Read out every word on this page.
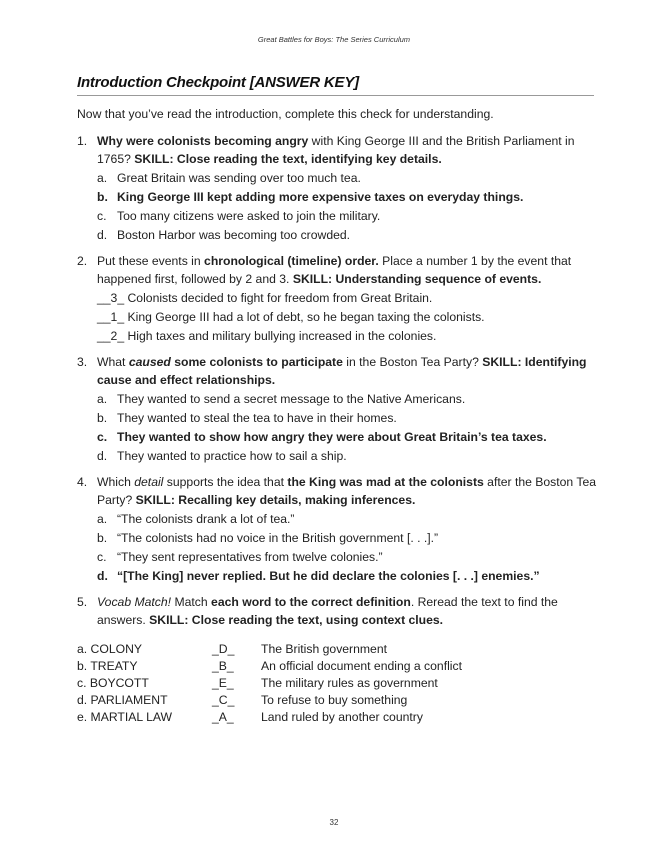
Great Battles for Boys: The Series Curriculum
Introduction Checkpoint [ANSWER KEY]
Now that you’ve read the introduction, complete this check for understanding.
1. Why were colonists becoming angry with King George III and the British Parliament in 1765? SKILL: Close reading the text, identifying key details.
a. Great Britain was sending over too much tea.
b. King George III kept adding more expensive taxes on everyday things.
c. Too many citizens were asked to join the military.
d. Boston Harbor was becoming too crowded.
2. Put these events in chronological (timeline) order. Place a number 1 by the event that happened first, followed by 2 and 3. SKILL: Understanding sequence of events.
__3_ Colonists decided to fight for freedom from Great Britain.
__1_ King George III had a lot of debt, so he began taxing the colonists.
__2_ High taxes and military bullying increased in the colonies.
3. What caused some colonists to participate in the Boston Tea Party? SKILL: Identifying cause and effect relationships.
a. They wanted to send a secret message to the Native Americans.
b. They wanted to steal the tea to have in their homes.
c. They wanted to show how angry they were about Great Britain’s tea taxes.
d. They wanted to practice how to sail a ship.
4. Which detail supports the idea that the King was mad at the colonists after the Boston Tea Party? SKILL: Recalling key details, making inferences.
a. “The colonists drank a lot of tea.”
b. “The colonists had no voice in the British government [. . .].”
c. “They sent representatives from twelve colonies.”
d. “[The King] never replied. But he did declare the colonies [. . .] enemies.”
5. Vocab Match! Match each word to the correct definition. Reread the text to find the answers. SKILL: Close reading the text, using context clues.
a. COLONY	_D_ The British government
b. TREATY	_B_ An official document ending a conflict
c. BOYCOTT	_E_ The military rules as government
d. PARLIAMENT	_C_ To refuse to buy something
e. MARTIAL LAW	_A_ Land ruled by another country
32
